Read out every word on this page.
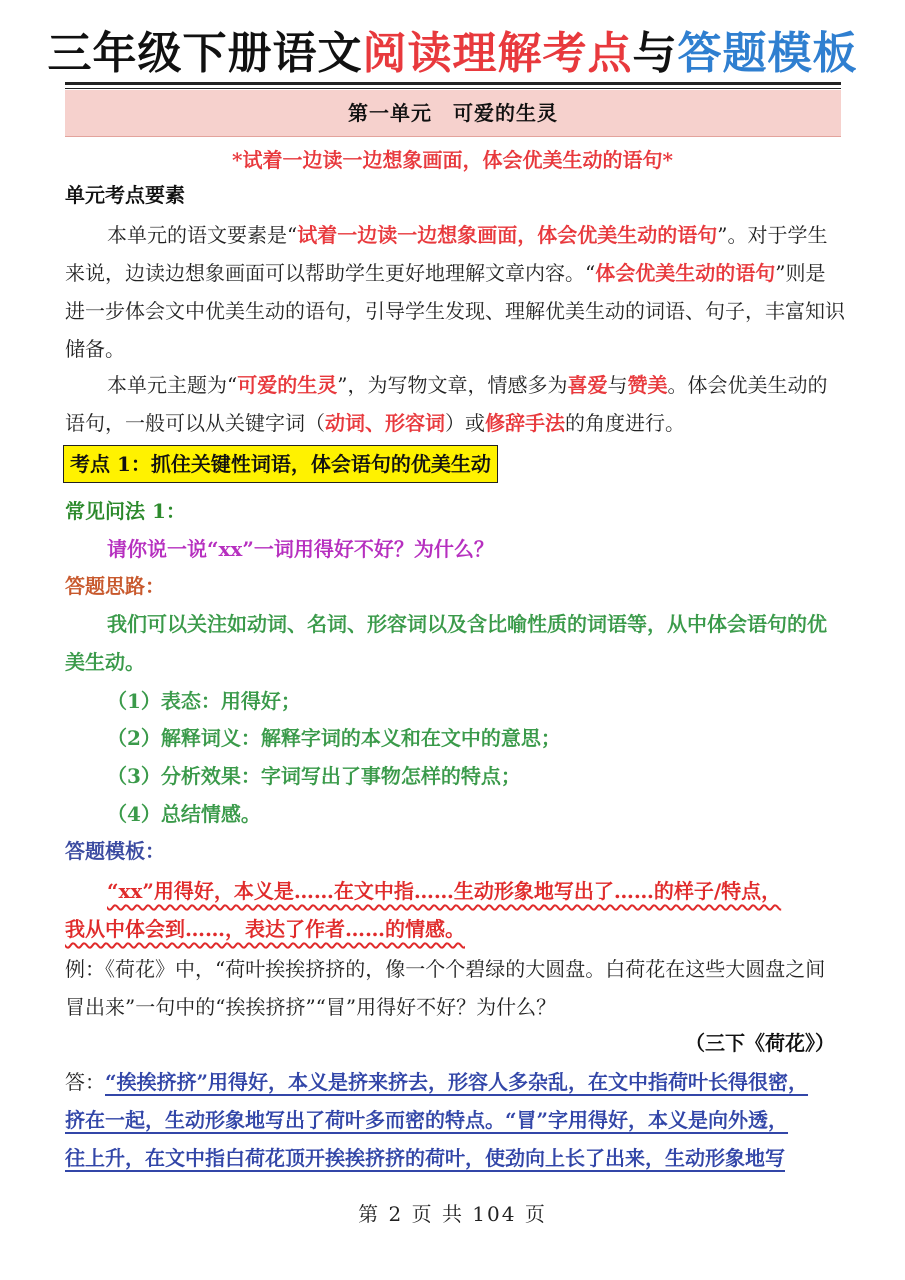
三年级下册语文阅读理解考点与答题模板
第一单元　可爱的生灵
*试着一边读一边想象画面，体会优美生动的语句*
单元考点要素
本单元的语文要素是“试着一边读一边想象画面，体会优美生动的语句”。对于学生来说，边读边想象画面可以帮助学生更好地理解文章内容。“体会优美生动的语句”则是进一步体会文中优美生动的语句，引导学生发现、理解优美生动的词语、句子，丰富知识储备。
本单元主题为“可爱的生灵”，为写物文章，情感多为喜爱与赞美。体会优美生动的语句，一般可以从关键字词（动词、形容词）或修辞手法的角度进行。
考点 1：抓住关键性词语，体会语句的优美生动
常见问法 1：
请你说一说“xx”一词用得好不好？为什么？
答题思路：
我们可以关注如动词、名词、形容词以及含比喻性质的词语等，从中体会语句的优美生动。
（1）表态：用得好；
（2）解释词义：解释字词的本义和在文中的意思；
（3）分析效果：字词写出了事物怎样的特点；
（4）总结情感。
答题模板：
“xx”用得好，本义是……在文中指……生动形象地写出了……的样子/特点，
我从中体会到……，表达了作者……的情感。
例：《荷花》中，“荷叶挨挨挤挤的，像一个个碧绿的大圆盘。白荷花在这些大圆盘之间冒出来”一句中的“挨挨挤挤”“冒”用得好不好？为什么？
（三下《荷花》）
答：“挨挨挤挤”用得好，本义是挤来挤去，形容人多杂乱，在文中指荷叶长得很密，
挤在一起，生动形象地写出了荷叶多而密的特点。“冒”字用得好，本义是向外透，
往上升，在文中指白荷花顶开挨挨挤挤的荷叶，使劲向上长了出来，生动形象地写
第 2 页 共 104 页
